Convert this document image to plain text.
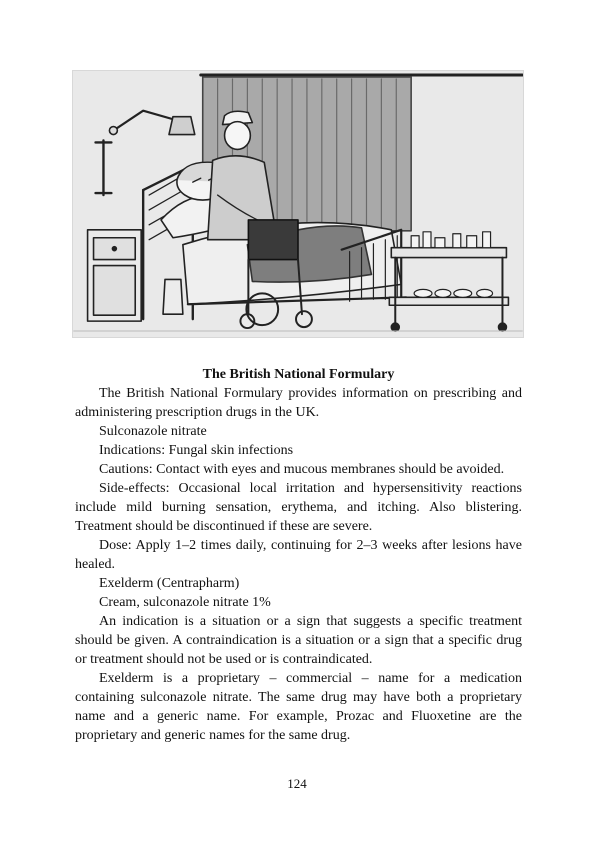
The British National Formulary

The British National Formulary provides information on prescribing and administering prescription drugs in the UK.

Sulconazole nitrate

Indications: Fungal skin infections

Cautions: Contact with eyes and mucous membranes should be avoided.

Side-effects: Occasional local irritation and hypersensitivity reactions include mild burning sensation, erythema, and itching. Also blistering. Treatment should be discontinued if these are severe.

Dose: Apply 1–2 times daily, continuing for 2–3 weeks after lesions have healed.

Exelderm (Centrapharm)

Cream, sulconazole nitrate 1%

An indication is a situation or a sign that suggests a specific treatment should be given. A contraindication is a situation or a sign that a specific drug or treatment should not be used or is contraindicated.

Exelderm is a proprietary – commercial – name for a medication containing sulconazole nitrate. The same drug may have both a proprietary name and a generic name. For example, Prozac and Fluoxetine are the proprietary and generic names for the same drug.

124
